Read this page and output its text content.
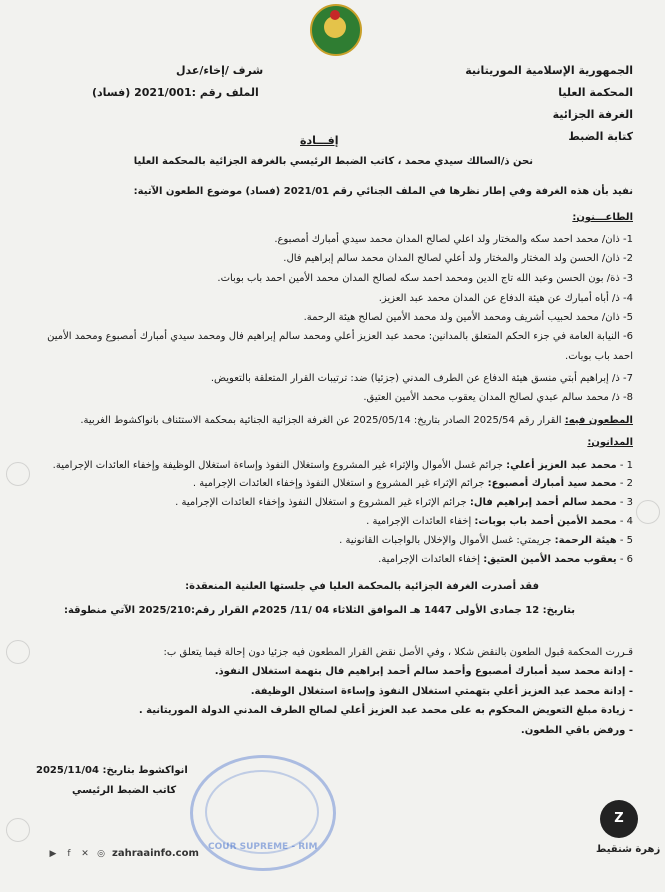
الجمهورية الإسلامية الموريتانية
المحكمة العليا
الغرفة الجزائية
كتابة الضبط
شرف /إخاء/عدل
الملف رقم :2021/001 (فساد)
إفـــادة
نحن ذ/السالك سيدي محمد ، كاتب الضبط الرئيسي بالغرفة الجزائية بالمحكمة العليا
نفيد بأن هذه الغرفة وفي إطار نظرها في الملف الجنائي رقم 2021/01 (فساد) موضوع الطعون الآتية:
الطاعـــنون:
1- ذان/ محمد احمد سكه والمختار ولد اعلي لصالح المدان محمد سيدي أمبارك أمصبوع.
2- ذان/ الحسن ولد المختار والمختار ولد أعلي لصالح المدان محمد سالم إبراهيم فال.
3- ذة/ بون الحسن وعبد الله تاج الدين ومحمد احمد سكه لصالح المدان محمد الأمين احمد باب بوبات.
4- ذ/ أباه أمبارك عن هيئة الدفاع عن المدان محمد عبد العزيز.
5- ذان/ محمد لحبيب أشريف ومحمد الأمين ولد محمد الأمين لصالح هيئة الرحمة.
6- النيابة العامة في جزء الحكم المتعلق بالمدانين: محمد عبد العزيز أعلي ومحمد سالم إبراهيم فال ومحمد سيدي أمبارك أمصبوع ومحمد الأمين
احمد باب بوبات.
7- ذ/ إبراهيم أبتي منسق هيئة الدفاع عن الطرف المدني (جزئيا) ضد: ترتيبات القرار المتعلقة بالتعويض.
8- ذ/ محمد سالم عبدي لصالح المدان يعقوب محمد الأمين العتيق.
المطعون فيه: القرار رقم 2025/54 الصادر بتاريخ: 2025/05/14 عن الغرفة الجزائية الجنائية بمحكمة الاستئناف بانواكشوط الغربية.
المدانون:
1 - محمد عبد العزيز أعلي: جرائم غسل الأموال والإثراء غير المشروع واستغلال النفوذ وإساءة استغلال الوظيفة وإخفاء العائدات الإجرامية.
2 - محمد سيد أمبارك أمصبوع: جرائم الإثراء غير المشروع و استغلال النفوذ وإخفاء العائدات الإجرامية .
3 - محمد سالم أحمد إبراهيم فال: جرائم الإثراء غير المشروع و استغلال النفوذ وإخفاء العائدات الإجرامية .
4 - محمد الأمين أحمد باب بوبات: إخفاء العائدات الإجرامية .
5 - هيئة الرحمة: جريمتي: غسل الأموال والإخلال بالواجبات القانونية .
6 - يعقوب محمد الأمين العتيق: إخفاء العائدات الإجرامية.
فقد أصدرت الغرفة الجزائية بالمحكمة العليا في جلستها العلنية المنعقدة:
بتاريخ: 12 جمادى الأولى 1447 هـ الموافق الثلاثاء 04 /11/ 2025م القرار رقم:2025/210 الآتي منطوقة:
قـررت المحكمة قبول الطعون بالنقض شكلا ، وفي الأصل نقض القرار المطعون فيه جزئيا دون إحالة فيما يتعلق ب:
- إدانة محمد سيد أمبارك أمصبوع وأحمد سالم أحمد إبراهيم فال بتهمة استغلال النفوذ.
- إدانة محمد عبد العزيز أعلي بتهمتي استغلال النفوذ وإساءة استغلال الوظيفة.
- زيادة مبلغ التعويض المحكوم به على محمد عبد العزيز أعلي لصالح الطرف المدني الدولة الموريتانية .
- ورفض باقي الطعون.
انواكشوط بتاريخ: 2025/11/04
كاتب الضبط الرئيسي
COUR SUPREME - RIM
▶	f	✕ ◎ zahraainfo.com
Z
زهرة شنقيط
